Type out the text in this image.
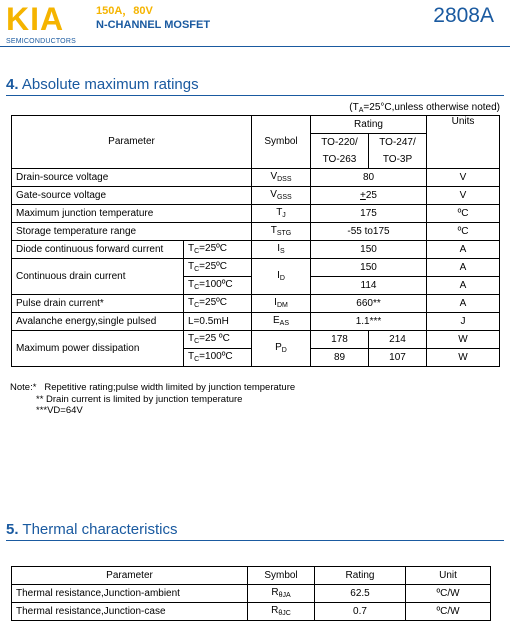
KIA
SEMICONDUCTORS
150A，80V
N-CHANNEL MOSFET	2808A
4. Absolute maximum ratings
($T_A=25^\circ C,unless$ otherwise noted)
Parameter		Symbol	Rating		Units
			TO-220/	TO-247/	
			TO-263	TO-3P	
Drain-source voltage		$V_{DSS}$	80		V
Gate-source voltage		$V_{GSS}$	+25		V
Maximum junction temperature		$T_J$	175		ºC
Storage temperature range		$T_{STG}$	-55 to175		ºC
Diode continuous forward current	$T_C=25ºC$	$I_S$	150		A
Continuous drain current	$T_C=25ºC$	$I_D$	150		A
	$T_C=100ºC$		114		A
Pulse drain current*	$T_C=25ºC$	$I_{DM}$	660**		A
Avalanche energy,single pulsed	L=0.5mH	$E_{AS}$	1.1***		J
Maximum power dissipation	$T_C=25$ ºC	$P_D$	178	214	W
	$T_C=100ºC$		89	107	W
Note:* Repetitive rating;pulse width limited by junction temperature
** Drain current is limited by junction temperature
***VD=64V
5. Thermal characteristics
Parameter	Symbol	Rating	Unit
Thermal resistance,Junction-ambient	$R_{\theta JA}$	62.5	ºC/W
Thermal resistance,Junction-case	$R_{\theta JC}$	0.7	ºC/W
